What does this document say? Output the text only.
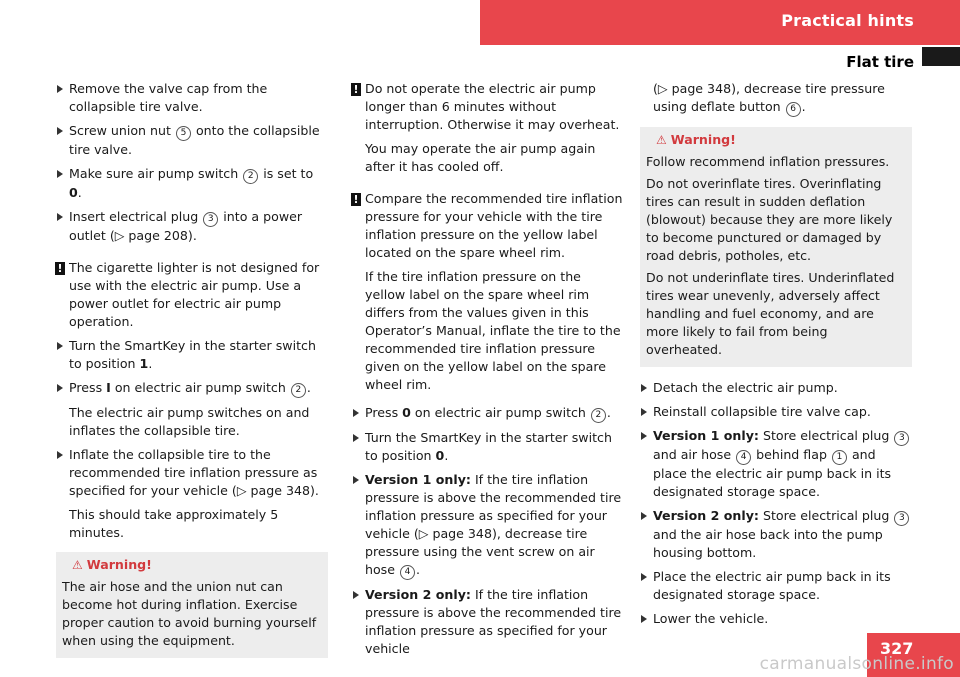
Practical hints
Flat tire
Remove the valve cap from the collapsible tire valve.
Screw union nut 5 onto the collapsible tire valve.
Make sure air pump switch 2 is set to 0.
Insert electrical plug 3 into a power outlet (▷ page 208).
! The cigarette lighter is not designed for use with the electric air pump. Use a power outlet for electric air pump operation.
Turn the SmartKey in the starter switch to position 1.
Press I on electric air pump switch 2 .
The electric air pump switches on and inflates the collapsible tire.
Inflate the collapsible tire to the recommended tire inflation pressure as specified for your vehicle (▷ page 348).
This should take approximately 5 minutes.
⚠ Warning!
The air hose and the union nut can become hot during inflation. Exercise proper caution to avoid burning yourself when using the equipment.
! Do not operate the electric air pump longer than 6 minutes without interruption. Otherwise it may overheat.
You may operate the air pump again after it has cooled off.
! Compare the recommended tire inflation pressure for your vehicle with the tire inflation pressure on the yellow label located on the spare wheel rim.
If the tire inflation pressure on the yellow label on the spare wheel rim differs from the values given in this Operator’s Manual, inflate the tire to the recommended tire inflation pressure given on the yellow label on the spare wheel rim.
Press 0 on electric air pump switch 2 .
Turn the SmartKey in the starter switch to position 0.
Version 1 only: If the tire inflation pressure is above the recommended tire inflation pressure as specified for your vehicle (▷ page 348), decrease tire pressure using the vent screw on air hose 4 .
Version 2 only: If the tire inflation pressure is above the recommended tire inflation pressure as specified for your vehicle
(▷ page 348), decrease tire pressure using deflate button 6 .
⚠ Warning!
Follow recommend inflation pressures.
Do not overinflate tires. Overinflating tires can result in sudden deflation (blowout) because they are more likely to become punctured or damaged by road debris, potholes, etc.
Do not underinflate tires. Underinflated tires wear unevenly, adversely affect handling and fuel economy, and are more likely to fail from being overheated.
Detach the electric air pump.
Reinstall collapsible tire valve cap.
Version 1 only: Store electrical plug 3 and air hose 4 behind flap 1 and place the electric air pump back in its designated storage space.
Version 2 only: Store electrical plug 3 and the air hose back into the pump housing bottom.
Place the electric air pump back in its designated storage space.
Lower the vehicle.
327
carmanualsonline.info
